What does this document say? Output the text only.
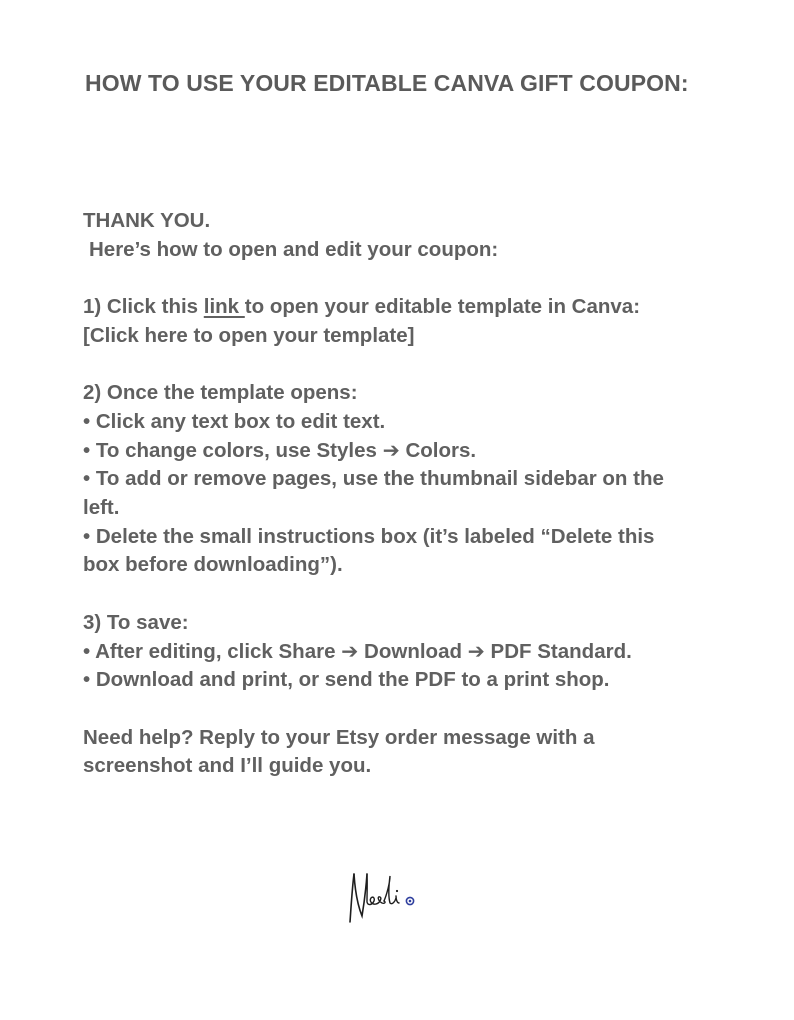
HOW TO USE YOUR EDITABLE CANVA GIFT COUPON:
THANK YOU.
Here’s how to open and edit your coupon:
1) Click this link to open your editable template in Canva:
[Click here to open your template]
2) Once the template opens:
• Click any text box to edit text.
• To change colors, use Styles ➔ Colors.
• To add or remove pages, use the thumbnail sidebar on the
left.
• Delete the small instructions box (it’s labeled “Delete this
box before downloading”).
3) To save:
• After editing, click Share ➔ Download ➔ PDF Standard.
• Download and print, or send the PDF to a print shop.
Need help? Reply to your Etsy order message with a
screenshot and I’ll guide you.
